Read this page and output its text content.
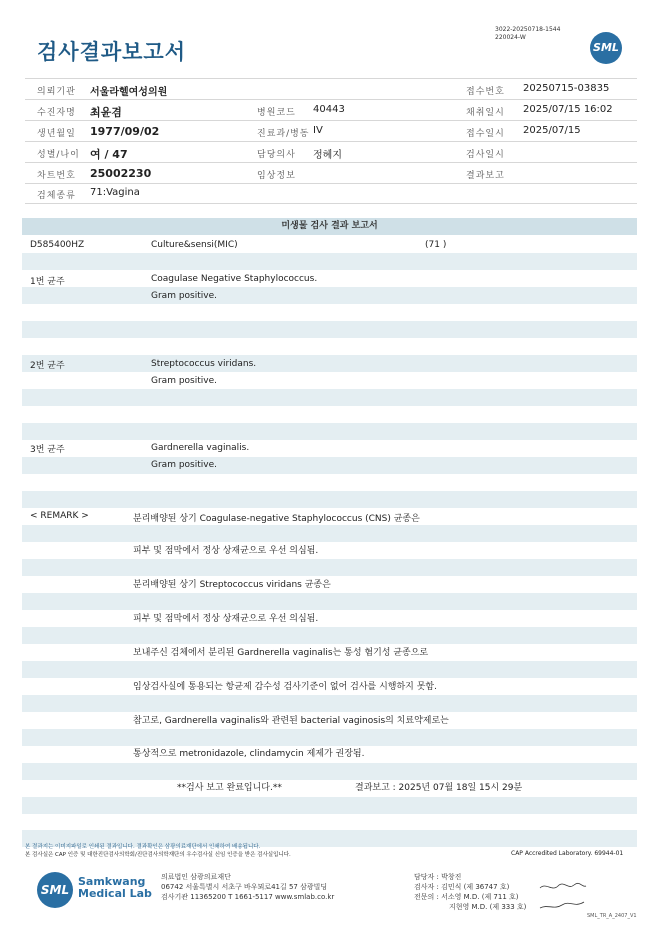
검사결과보고서
3022-20250718-1544
220024-W
SML
의뢰기관 서울라헬여성의원
수진자명 최윤겸
생년월일 1977/09/02
성별/나이 여 / 47
차트번호 25002230
검체종류 71:Vagina
병원코드 40443
진료과/병동 IV
담당의사 정혜지
임상정보
접수번호 20250715-03835
채취일시 2025/07/15 16:02
접수일시 2025/07/15
검사일시
결과보고
미생물 검사 결과 보고서
D585400HZ	Culture&sensi(MIC)	(71 )
1번 균주	Coagulase Negative Staphylococcus.
Gram positive.
2번 균주	Streptococcus viridans.
Gram positive.
3번 균주	Gardnerella vaginalis.
Gram positive.
< REMARK >	분리배양된 상기 Coagulase-negative Staphylococcus (CNS) 균종은
피부 및 점막에서 정상 상재균으로 우선 의심됨.
분리배양된 상기 Streptococcus viridans 균종은
피부 및 점막에서 정상 상재균으로 우선 의심됨.
보내주신 검체에서 분리된 Gardnerella vaginalis는 통성 혐기성 균종으로
임상검사실에 통용되는 항균제 감수성 검사기준이 없어 검사를 시행하지 못함.
참고로, Gardnerella vaginalis와 관련된 bacterial vaginosis의 치료약제로는
통상적으로 metronidazole, clindamycin 제제가 권장됨.
**검사 보고 완료입니다.**	결과보고 : 2025년 07월 18일 15시 29분
본 결과지는 이미지파일로 인쇄된 결과입니다. 결과확인은 삼광의료재단에서 인쇄하여 배송됩니다.
본 검사실은 CAP 인증 및 대한진단검사의학회/진단검사의학재단의 우수검사실 신임 인증을 받은 검사실입니다.	CAP Accredited Laboratory. 69944-01
SML
Samkwang
Medical Lab
의료법인 삼광의료재단
06742 서울특별시 서초구 바우뫼로41길 57 삼광빌딩
검사기관 11365200 T 1661-5117 www.smlab.co.kr
담당자 : 박창진
검사자 : 김민식 (제 36747 호)
전문의 : 서소영 M.D. (제 711 호)
지현영 M.D. (제 333 호)
SML_TR_A_2407_V1
